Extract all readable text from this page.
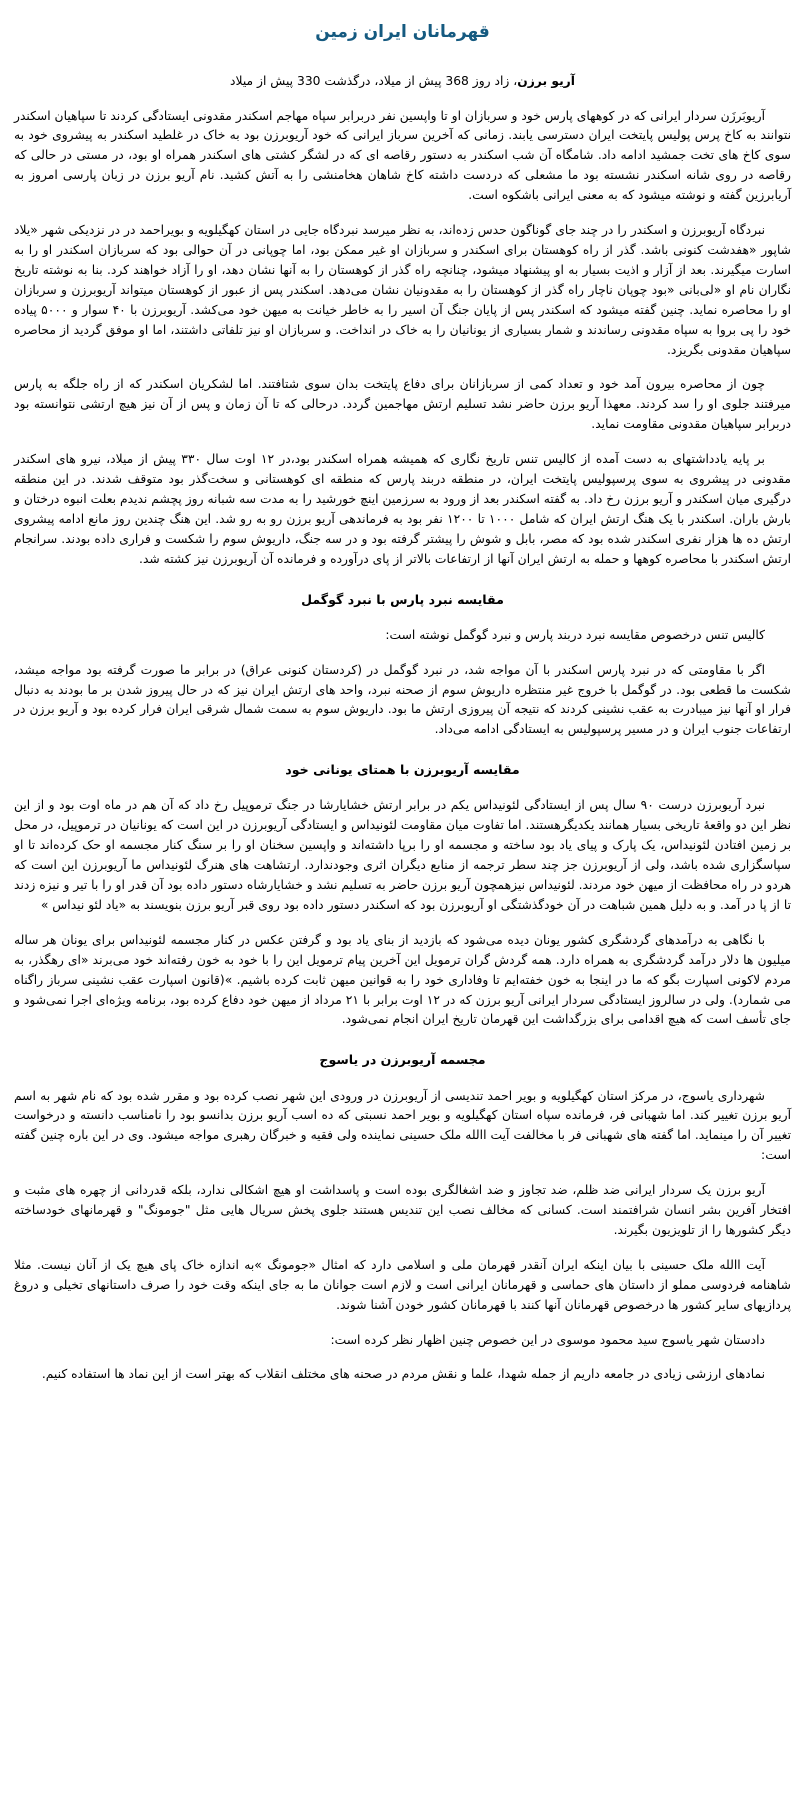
قهرمانان ایران زمین
آریو برزن، زاد روز 368 پیش از میلاد، درگذشت 330 پیش از میلاد

آریوبَرزَن سردار ایرانی که در کوههای پارس خود و سربازان او تا واپسین نفر دربرابر سپاه مهاجم اسکندر مقدونی ایستادگی کردند تا سپاهیان اسکندر نتوانند به کاخ پرس پولیس پایتخت ایران دسترسی یابند. زمانی که آخرین سرباز ایرانی که خود آریوبرزن بود به خاک در غلطید اسکندر به پیشروی خود به سوی کاخ های تخت جمشید ادامه داد. شامگاه آن شب اسکندر به دستور رقاصه ای که در لشگر کشتی های اسکندر همراه او بود، در مستی در حالی که رقاصه در روی شانه اسکندر نشسته بود ما مشعلی که دردست داشته کاخ شاهان هخامنشی را به آتش کشید. نام آریو برزن در زبان پارسی امروز به آریابرزین گفته و نوشته میشود که به معنی ایرانی باشکوه است.

نبردگاه آریوبرزن و اسکندر را در چند جای گوناگون حدس زده‌اند، به نظر میرسد نبردگاه جایی در استان کهگیلویه و بویراحمد در در نزدیکی شهر «یلاد شاپور «هفدشت کنونی باشد. گذر از راه کوهستان برای اسکندر و سربازان او غیر ممکن بود، اما چوپانی در آن حوالی بود که سربازان اسکندر او را به اسارت میگیرند. بعد از آزار و اذیت بسیار به او پیشنهاد میشود، چنانچه راه گذر از کوهستان را به آنها نشان دهد، او را آزاد خواهند کرد. بنا به نوشته تاریخ نگاران نام او «لی‌بانی «بود چوپان ناچار راه گذر از کوهستان را به مقدونیان نشان می‌دهد. اسکندر پس از عبور از کوهستان میتواند آریوبرزن و سربازان او را محاصره نماید. چنین گفته میشود که اسکندر پس از پایان جنگ آن اسیر را به خاطر خیانت به میهن خود می‌کشد. آریوبرزن با ۴۰ سوار و ۵۰۰۰ پیاده خود را پی بروا به سپاه مقدونی رساندند و شمار بسیاری از یونانیان را به خاک در انداخت. و سربازان او نیز تلفاتی داشتند، اما او موفق گردید از محاصره سپاهیان مقدونی بگریزد.

چون از محاصره بیرون آمد خود و تعداد کمی از سربازانان برای دفاع پایتخت بدان سوی شتافتند. اما لشکریان اسکندر که از راه جلگه به پارس میرفتند جلوی او را سد کردند. معهذا آریو برزن حاضر نشد تسلیم ارتش مهاجمین گردد. درحالی که تا آن زمان و پس از آن نیز هیچ ارتشی نتوانسته بود دربرابر سپاهیان مقدونی مقاومت نماید.

بر پایه یادداشتهای به دست آمده از کالیس تنس تاریخ نگاری که همیشه همراه اسکندر بود،در ۱۲ اوت سال ۳۳۰ پیش از میلاد، نیرو های اسکندر مقدونی در پیشروی به سوی پرسپولیس پایتخت ایران، در منطقه دربند پارس که منطقه ای کوهستانی و سخت‌گذر بود متوقف شدند. در این منطقه درگیری میان اسکندر و آریو برزن رخ داد. به گفته اسکندر بعد از ورود به سرزمین اینچ خورشید را به مدت سه شبانه روز پچشم ندیدم بعلت انبوه درختان و بارش باران. اسکندر با یک هنگ ارتش ایران که شامل ۱۰۰۰ تا ۱۲۰۰ نفر بود به فرماندهی آریو برزن رو به رو شد. این هنگ چندین روز مانع ادامه پیشروی ارتش ده ها هزار نفری اسکندر شده بود که مصر، بابل و شوش را پیشتر گرفته بود و در سه جنگ، داریوش سوم را شکست و فراری داده بودند. سرانجام ارتش اسکندر با محاصره کوهها و حمله به ارتش ایران آنها از ارتفاعات بالاتر از پای درآورده و فرمانده آن آریوبرزن نیز کشته شد.

مقایسه نبرد پارس با نبرد گوگمل

کالیس تنس درخصوص مقایسه نبرد دربند پارس و نبرد گوگمل نوشته است:

اگر با مقاومتی که در نبرد پارس اسکندر با آن مواجه شد، در نبرد گوگمل در (کردستان کنونی عراق) در برابر ما صورت گرفته بود مواجه میشد، شکست ما قطعی بود. در گوگمل با خروج غیر منتظره داریوش سوم از صحنه نبرد، واحد های ارتش ایران نیز که در حال پیروز شدن بر ما بودند به دنبال فرار او آنها نیز میبادرت به عقب نشینی کردند که نتیجه آن پیروزی ارتش ما بود. داریوش سوم به سمت شمال شرقی ایران فرار کرده بود و آریو برزن در ارتفاعات جنوب ایران و در مسیر پرسپولیس به ایستادگی ادامه می‌داد.

مقایسه آریوبرزن با همتای یونانی خود

نبرد آریوبرزن درست ۹۰ سال پس از ایستادگی لئونیداس یکم در برابر ارتش خشایارشا در جنگ ترموپیل رخ داد که آن هم در ماه اوت بود و از این نظر این دو واقعهٔ تاریخی بسیار همانند یکدیگرهستند. اما تفاوت میان مقاومت لئونیداس و ایستادگی آریوبرزن در این است که یونانیان در ترموپیل، در محل بر زمین افتادن لئونیداس، یک پارک و پیای یاد بود ساخته و مجسمه او را برپا داشته‌اند و واپسین سخنان او را بر سنگ کنار مجسمه او حک کرده‌اند تا او سپاسگزاری شده باشد، ولی از آریوبرزن جز چند سطر ترجمه از منابع دیگران اثری وجودندارد. ارتشاهت های هنرگ لئونیداس ما آریوبرزن این است که هردو در راه محافظت از میهن خود مردند. لئونیداس نیزهمچون آریو برزن حاضر به تسلیم نشد و خشایارشاه دستور داده بود آن قدر او را با تیر و نیزه زدند تا از پا در آمد. و به دلیل همین شباهت در آن خودگذشتگی او آریوبرزن بود که اسکندر دستور داده بود روی قبر آریو برزن بنویسند به «یاد لئو نیداس »

با نگاهی به درآمدهای گردشگری کشور یونان دیده می‌شود که بازدید از بنای یاد بود و گرفتن عکس در کنار مجسمه لئونیداس برای یونان هر ساله میلیون ها دلار درآمد گردشگری به همراه دارد. همه گردش گران ترمویل این آخرین پیام ترمویل این را با خود به خون رفته‌اند خود می‌برند «ای رهگذر، به مردم لاکونی اسپارت بگو که ما در اینجا به خون خفته‌ایم تا وفاداری خود را به قوانین میهن ثابت کرده باشیم. »(قانون اسپارت عقب نشینی سرباز راگناه می شمارد). ولی در سالروز ایستادگی سردار ایرانی آریو برزن که در ۱۲ اوت برابر با ۲۱ مرداد از میهن خود دفاع کرده بود، برنامه ویژه‌ای اجرا نمی‌شود و جای تأسف است که هیچ اقدامی برای بزرگداشت این قهرمان تاریخ ایران انجام نمی‌شود.

مجسمه آریوبرزن در یاسوج

شهرداری یاسوج، در مرکز استان کهگیلویه و بویر احمد تندیسی از آریوبرزن در ورودی این شهر نصب کرده بود و مقرر شده بود که نام شهر به اسم آریو برزن تغییر کند. اما شهبانی فر، فرمانده سپاه استان کهگیلویه و بویر احمد نسبتی که ده اسب آریو برزن بدانسو بود را نامناسب دانسته و درخواست تغییر آن را مینماید. اما گفته های شهبانی فر با مخالفت آیت االله ملک حسینی نماینده ولی فقیه و خبرگان رهبری مواجه میشود. وی در این باره چنین گفته است:

آریو برزن یک سردار ایرانی ضد ظلم، ضد تجاوز و ضد اشغالگری بوده است و پاسداشت او هیچ اشکالی ندارد، بلکه قدردانی از چهره های مثبت و افتخار آفرین بشر انسان شرافتمند است. کسانی که مخالف نصب این تندیس هستند جلوی پخش سریال هایی مثل "جومونگ" و قهرمانهای خودساخته دیگر کشورها را از تلویزیون بگیرند.

آیت االله ملک حسینی با بیان اینکه ایران آنقدر قهرمان ملی و اسلامی دارد که امثال «جومونگ »به اندازه خاک پای هیچ یک از آنان نیست. مثلا شاهنامه فردوسی مملو از داستان های حماسی و قهرمانان ایرانی است و لازم است جوانان ما به جای اینکه وقت خود را صرف داستانهای تخیلی و دروغ پردازیهای سایر کشور ها درخصوص قهرمانان آنها کنند با قهرمانان کشور خودن آشنا شوند.

دادستان شهر یاسوج سید محمود موسوی در این خصوص چنین اظهار نظر کرده است:

نمادهای ارزشی زیادی در جامعه داریم از جمله شهدا، علما و نقش مردم در صحنه های مختلف انقلاب که بهتر است از این نماد ها استفاده کنیم.
